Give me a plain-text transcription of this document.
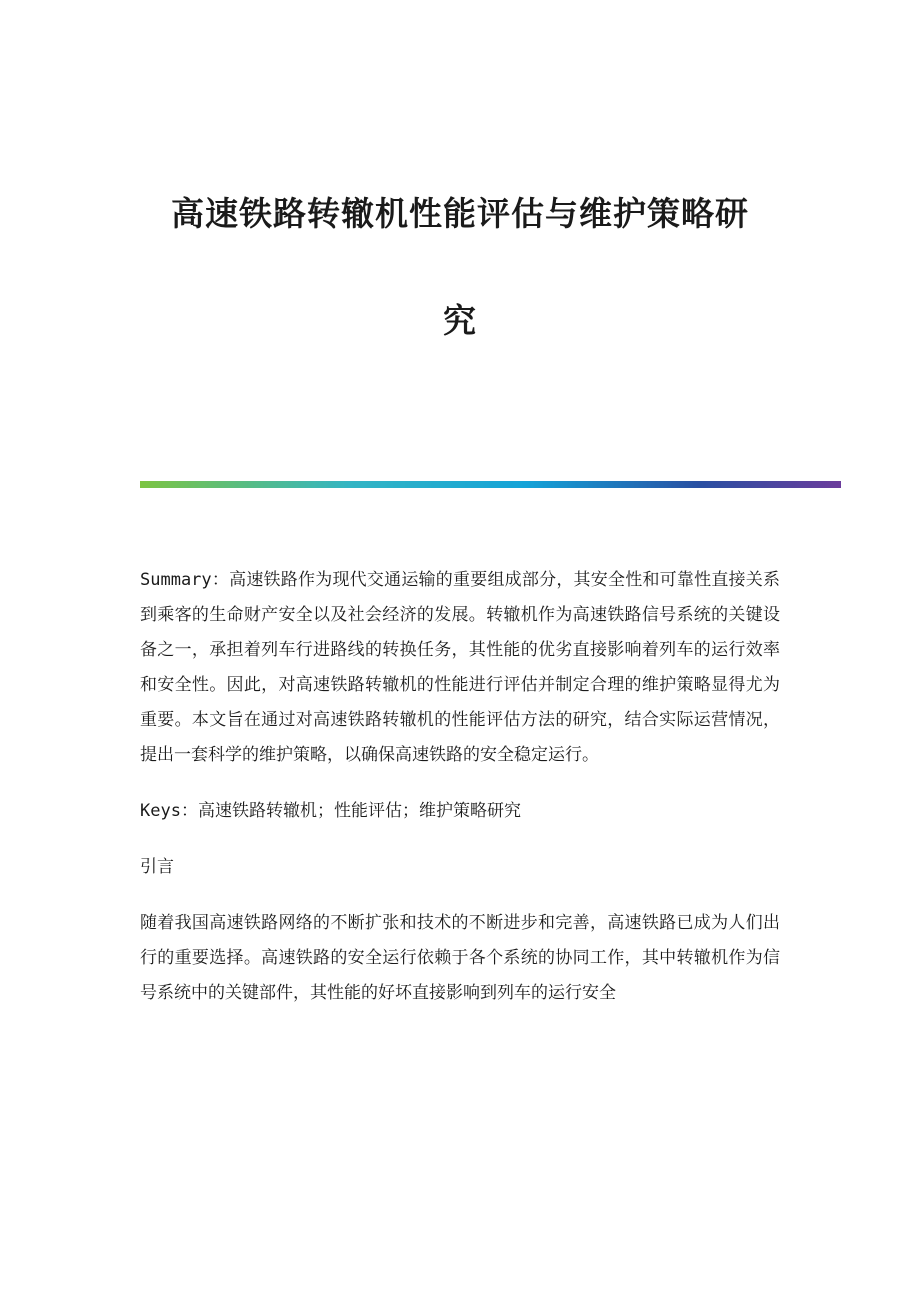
高速铁路转辙机性能评估与维护策略研
究

Summary：高速铁路作为现代交通运输的重要组成部分，其安全性和可靠性直接关系到乘客的生命财产安全以及社会经济的发展。转辙机作为高速铁路信号系统的关键设备之一，承担着列车行进路线的转换任务，其性能的优劣直接影响着列车的运行效率和安全性。因此，对高速铁路转辙机的性能进行评估并制定合理的维护策略显得尤为重要。本文旨在通过对高速铁路转辙机的性能评估方法的研究，结合实际运营情况，提出一套科学的维护策略，以确保高速铁路的安全稳定运行。

Keys：高速铁路转辙机；性能评估；维护策略研究

引言

随着我国高速铁路网络的不断扩张和技术的不断进步和完善，高速铁路已成为人们出行的重要选择。高速铁路的安全运行依赖于各个系统的协同工作，其中转辙机作为信号系统中的关键部件，其性能的好坏直接影响到列车的运行安全
